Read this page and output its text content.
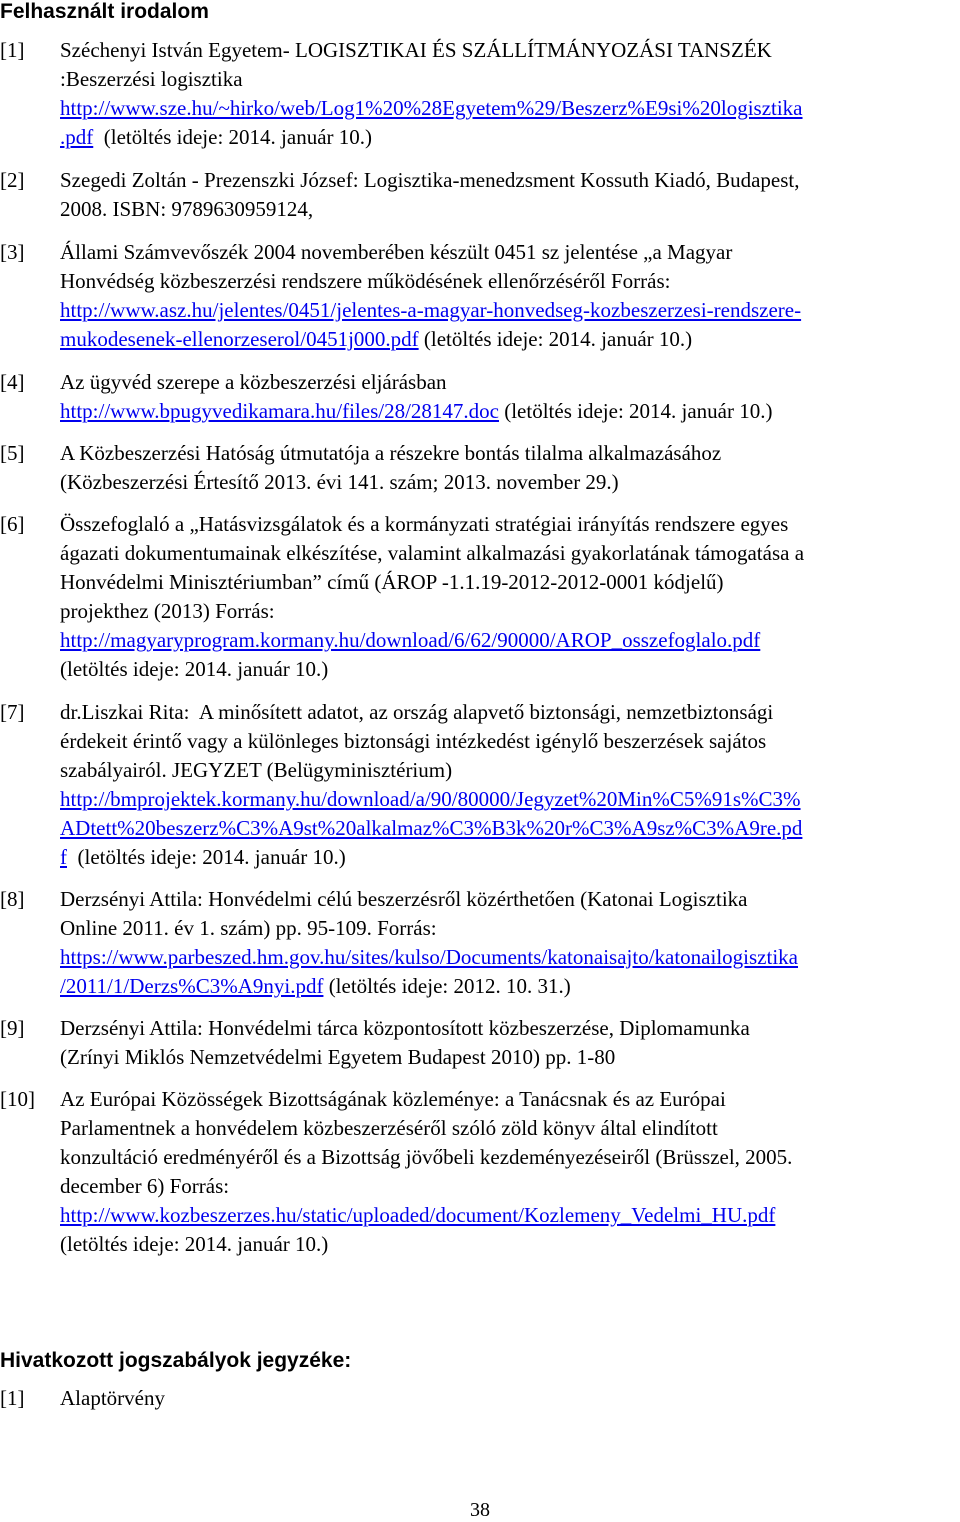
Felhasznált irodalom
[1]	Széchenyi István Egyetem- LOGISZTIKAI ÉS SZÁLLÍTMÁNYOZÁSI TANSZÉK
:Beszerzési logisztika
http://www.sze.hu/~hirko/web/Log1%20%28Egyetem%29/Beszerz%E9si%20logisztika
.pdf  (letöltés ideje: 2014. január 10.)
[2]	Szegedi Zoltán - Prezenszki József: Logisztika-menedzsment Kossuth Kiadó, Budapest,
2008. ISBN: 9789630959124,
[3]	Állami Számvevőszék 2004 novemberében készült 0451 sz jelentése „a Magyar
Honvédség közbeszerzési rendszere működésének ellenőrzéséről Forrás:
http://www.asz.hu/jelentes/0451/jelentes-a-magyar-honvedseg-kozbeszerzesi-rendszere-
mukodesenek-ellenorzeserol/0451j000.pdf (letöltés ideje: 2014. január 10.)
[4]	Az ügyvéd szerepe a közbeszerzési eljárásban
http://www.bpugyvedikamara.hu/files/28/28147.doc (letöltés ideje: 2014. január 10.)
[5]	A Közbeszerzési Hatóság útmutatója a részekre bontás tilalma alkalmazásához
(Közbeszerzési Értesítő 2013. évi 141. szám; 2013. november 29.)
[6]	Összefoglaló a „Hatásvizsgálatok és a kormányzati stratégiai irányítás rendszere egyes
ágazati dokumentumainak elkészítése, valamint alkalmazási gyakorlatának támogatása a
Honvédelmi Minisztériumban” című (ÁROP -1.1.19-2012-2012-0001 kódjelű)
projekthez (2013) Forrás:
http://magyaryprogram.kormany.hu/download/6/62/90000/AROP_osszefoglalo.pdf
(letöltés ideje: 2014. január 10.)
[7]	dr.Liszkai Rita:  A minősített adatot, az ország alapvető biztonsági, nemzetbiztonsági
érdekeit érintő vagy a különleges biztonsági intézkedést igénylő beszerzések sajátos
szabályairól. JEGYZET (Belügyminisztérium)
http://bmprojektek.kormany.hu/download/a/90/80000/Jegyzet%20Min%C5%91s%C3%
ADtett%20beszerz%C3%A9st%20alkalmaz%C3%B3k%20r%C3%A9sz%C3%A9re.pd
f  (letöltés ideje: 2014. január 10.)
[8]	Derzsényi Attila: Honvédelmi célú beszerzésről közérthetően (Katonai Logisztika
Online 2011. év 1. szám) pp. 95-109. Forrás:
https://www.parbeszed.hm.gov.hu/sites/kulso/Documents/katonaisajto/katonailogisztika
/2011/1/Derzs%C3%A9nyi.pdf (letöltés ideje: 2012. 10. 31.)
[9]	Derzsényi Attila: Honvédelmi tárca központosított közbeszerzése, Diplomamunka
(Zrínyi Miklós Nemzetvédelmi Egyetem Budapest 2010) pp. 1-80
[10]	Az Európai Közösségek Bizottságának közleménye: a Tanácsnak és az Európai
Parlamentnek a honvédelem közbeszerzéséről szóló zöld könyv által elindított
konzultáció eredményéről és a Bizottság jövőbeli kezdeményezéseiről (Brüsszel, 2005.
december 6) Forrás:
http://www.kozbeszerzes.hu/static/uploaded/document/Kozlemeny_Vedelmi_HU.pdf
(letöltés ideje: 2014. január 10.)
Hivatkozott jogszabályok jegyzéke:
[1]	Alaptörvény
38
